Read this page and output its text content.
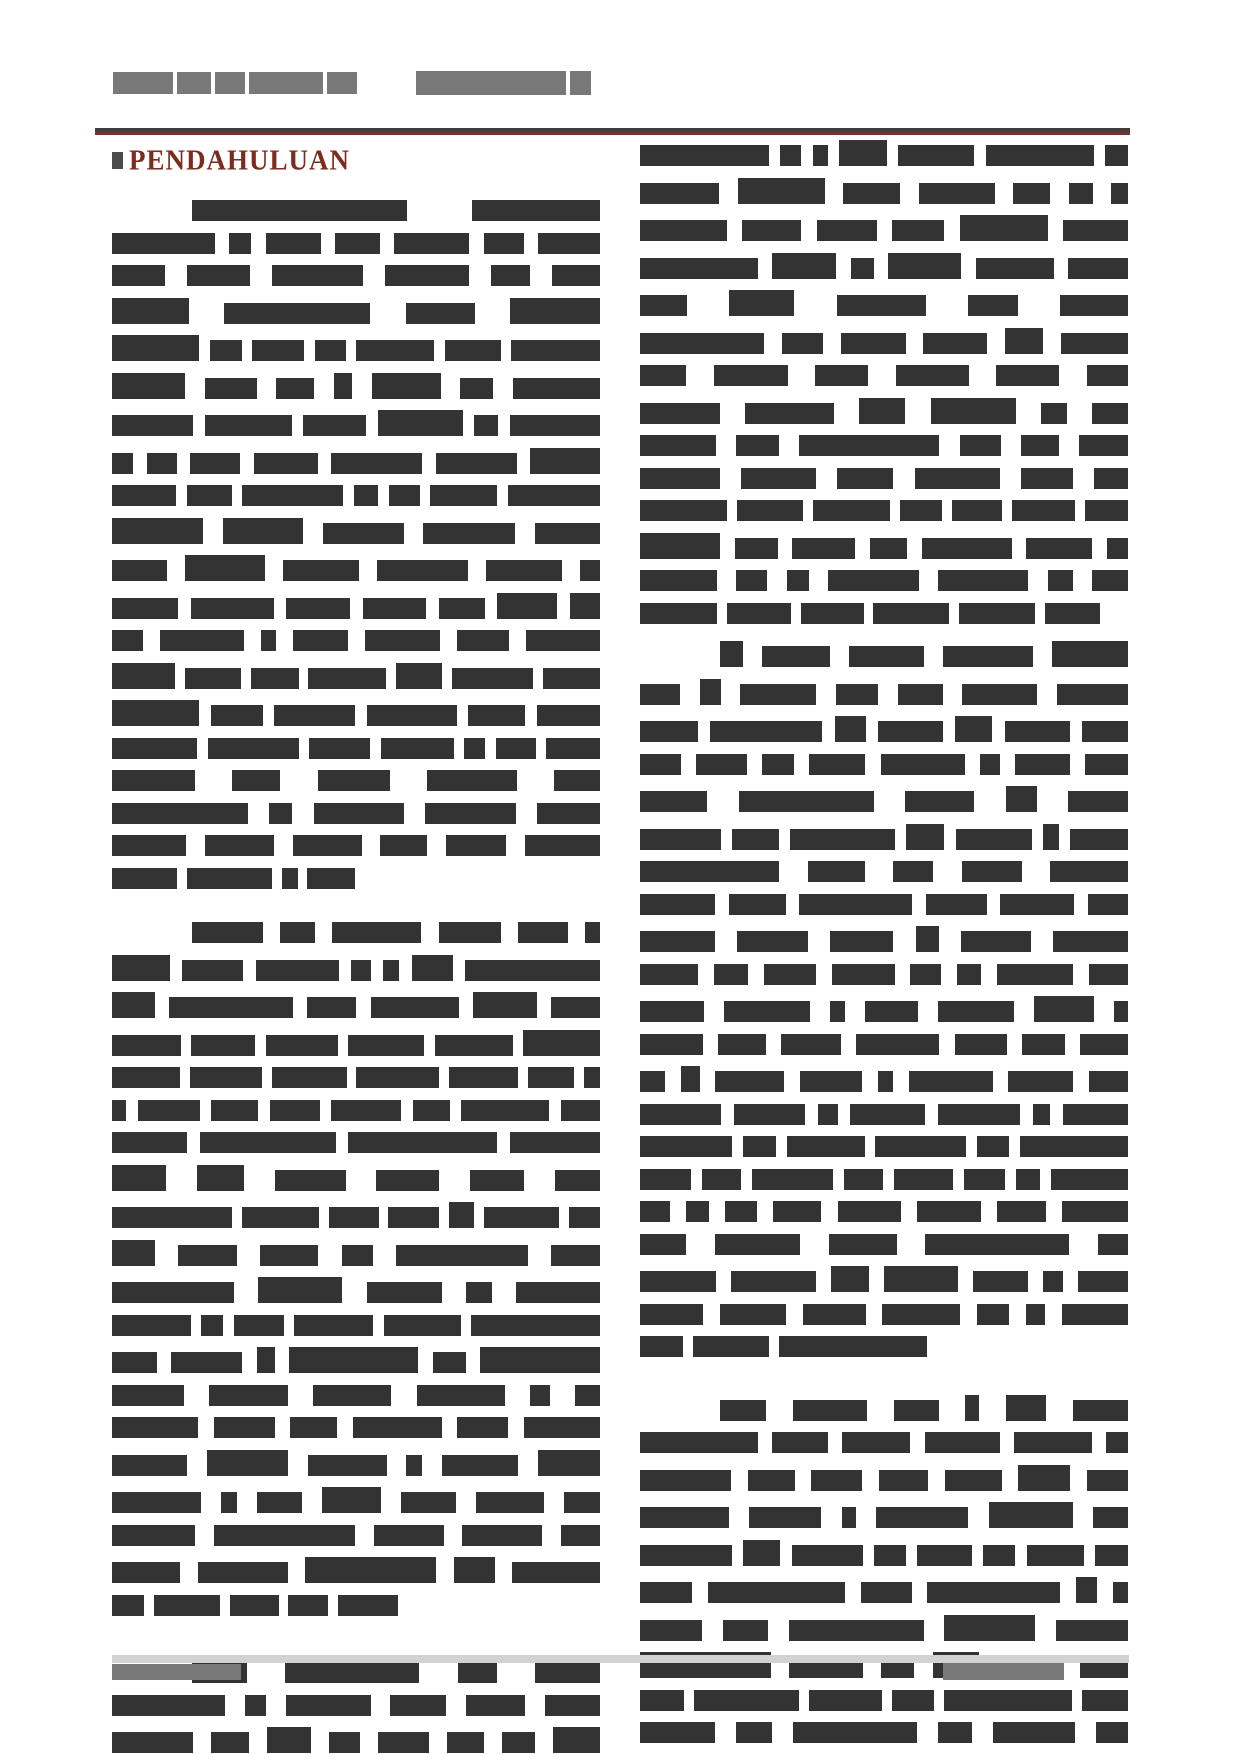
PENDAHULUAN
